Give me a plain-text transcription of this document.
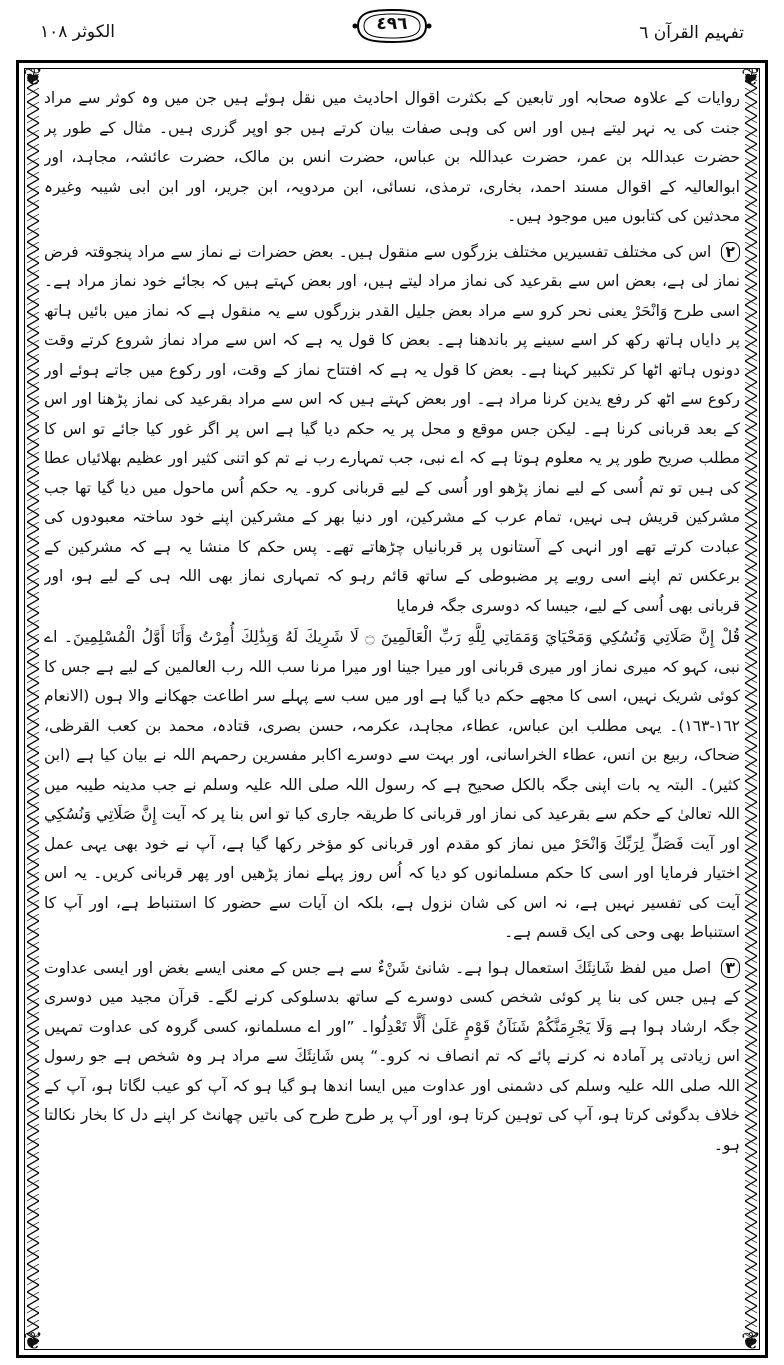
الکوثر ١٠٨	٤٩٦	تفہیم القرآن ٦
❦	❦
❦	❦

روایات کے علاوہ صحابہ اور تابعین کے بکثرت اقوال احادیث میں نقل ہوئے ہیں جن میں وہ کوثر سے مراد جنت کی یہ نہر لیتے ہیں اور اس کی وہی صفات بیان کرتے ہیں جو اوپر گزری ہیں۔ مثال کے طور پر حضرت عبداللہ بن عمر، حضرت عبداللہ بن عباس، حضرت انس بن مالک، حضرت عائشہ، مجاہد، اور ابوالعالیہ کے اقوال مسند احمد، بخاری، ترمذی، نسائی، ابن مردویہ، ابن جریر، اور ابن ابی شیبہ وغیرہ محدثین کی کتابوں میں موجود ہیں۔

٢ اس کی مختلف تفسیریں مختلف بزرگوں سے منقول ہیں۔ بعض حضرات نے نماز سے مراد پنجوقتہ فرض نماز لی ہے، بعض اس سے بقرعید کی نماز مراد لیتے ہیں، اور بعض کہتے ہیں کہ بجائے خود نماز مراد ہے۔ اسی طرح وَانْحَرْ یعنی نحر کرو سے مراد بعض جلیل القدر بزرگوں سے یہ منقول ہے کہ نماز میں بائیں ہاتھ پر دایاں ہاتھ رکھ کر اسے سینے پر باندھنا ہے۔ بعض کا قول یہ ہے کہ اس سے مراد نماز شروع کرتے وقت دونوں ہاتھ اٹھا کر تکبیر کہنا ہے۔ بعض کا قول یہ ہے کہ افتتاح نماز کے وقت، اور رکوع میں جاتے ہوئے اور رکوع سے اٹھ کر رفع یدین کرنا مراد ہے۔ اور بعض کہتے ہیں کہ اس سے مراد بقرعید کی نماز پڑھنا اور اس کے بعد قربانی کرنا ہے۔ لیکن جس موقع و محل پر یہ حکم دیا گیا ہے اس پر اگر غور کیا جائے تو اس کا مطلب صریح طور پر یہ معلوم ہوتا ہے کہ اے نبی، جب تمہارے رب نے تم کو اتنی کثیر اور عظیم بھلائیاں عطا کی ہیں تو تم اُسی کے لیے نماز پڑھو اور اُسی کے لیے قربانی کرو۔ یہ حکم اُس ماحول میں دیا گیا تھا جب مشرکین قریش ہی نہیں، تمام عرب کے مشرکین، اور دنیا بھر کے مشرکین اپنے خود ساختہ معبودوں کی عبادت کرتے تھے اور انہی کے آستانوں پر قربانیاں چڑھاتے تھے۔ پس حکم کا منشا یہ ہے کہ مشرکین کے برعکس تم اپنے اسی رویے پر مضبوطی کے ساتھ قائم رہو کہ تمہاری نماز بھی اللہ ہی کے لیے ہو، اور قربانی بھی اُسی کے لیے، جیسا کہ دوسری جگہ فرمایا

قُلْ إِنَّ صَلَاتِي وَنُسُكِي وَمَحْيَايَ وَمَمَاتِي لِلَّهِ رَبِّ الْعَالَمِينَ ۝ لَا شَرِيكَ لَهُ وَبِذَٰلِكَ أُمِرْتُ وَأَنَا أَوَّلُ الْمُسْلِمِينَ۔ اے نبی، کہو کہ میری نماز اور میری قربانی اور میرا جینا اور میرا مرنا سب اللہ رب العالمین کے لیے ہے جس کا کوئی شریک نہیں، اسی کا مجھے حکم دیا گیا ہے اور میں سب سے پہلے سر اطاعت جھکانے والا ہوں (الانعام ١٦٢-١٦٣)۔ یہی مطلب ابن عباس، عطاء، مجاہد، عکرمہ، حسن بصری، قتادہ، محمد بن کعب القرظی، ضحاک، ربیع بن انس، عطاء الخراسانی، اور بہت سے دوسرے اکابر مفسرین رحمہم اللہ نے بیان کیا ہے (ابن کثیر)۔ البتہ یہ بات اپنی جگہ بالکل صحیح ہے کہ رسول اللہ صلی اللہ علیہ وسلم نے جب مدینہ طیبہ میں اللہ تعالیٰ کے حکم سے بقرعید کی نماز اور قربانی کا طریقہ جاری کیا تو اس بنا پر کہ آیت إِنَّ صَلَاتِي وَنُسُكِي اور آیت فَصَلِّ لِرَبِّكَ وَانْحَرْ میں نماز کو مقدم اور قربانی کو مؤخر رکھا گیا ہے، آپ نے خود بھی یہی عمل اختیار فرمایا اور اسی کا حکم مسلمانوں کو دیا کہ اُس روز پہلے نماز پڑھیں اور پھر قربانی کریں۔ یہ اس آیت کی تفسیر نہیں ہے، نہ اس کی شان نزول ہے، بلکہ ان آیات سے حضور کا استنباط ہے، اور آپ کا استنباط بھی وحی کی ایک قسم ہے۔

٣ اصل میں لفظ شَانِئَكَ استعمال ہوا ہے۔ شانئ شَنْءٌ سے ہے جس کے معنی ایسے بغض اور ایسی عداوت کے ہیں جس کی بنا پر کوئی شخص کسی دوسرے کے ساتھ بدسلوکی کرنے لگے۔ قرآن مجید میں دوسری جگہ ارشاد ہوا ہے وَلَا يَجْرِمَنَّكُمْ شَنَآنُ قَوْمٍ عَلَىٰ أَلَّا تَعْدِلُوا۔ ”اور اے مسلمانو، کسی گروہ کی عداوت تمہیں اس زیادتی پر آمادہ نہ کرنے پائے کہ تم انصاف نہ کرو۔“ پس شَانِئَكَ سے مراد ہر وہ شخص ہے جو رسول اللہ صلی اللہ علیہ وسلم کی دشمنی اور عداوت میں ایسا اندھا ہو گیا ہو کہ آپ کو عیب لگاتا ہو، آپ کے خلاف بدگوئی کرتا ہو، آپ کی توہین کرتا ہو، اور آپ پر طرح طرح کی باتیں چھانٹ کر اپنے دل کا بخار نکالتا ہو۔
